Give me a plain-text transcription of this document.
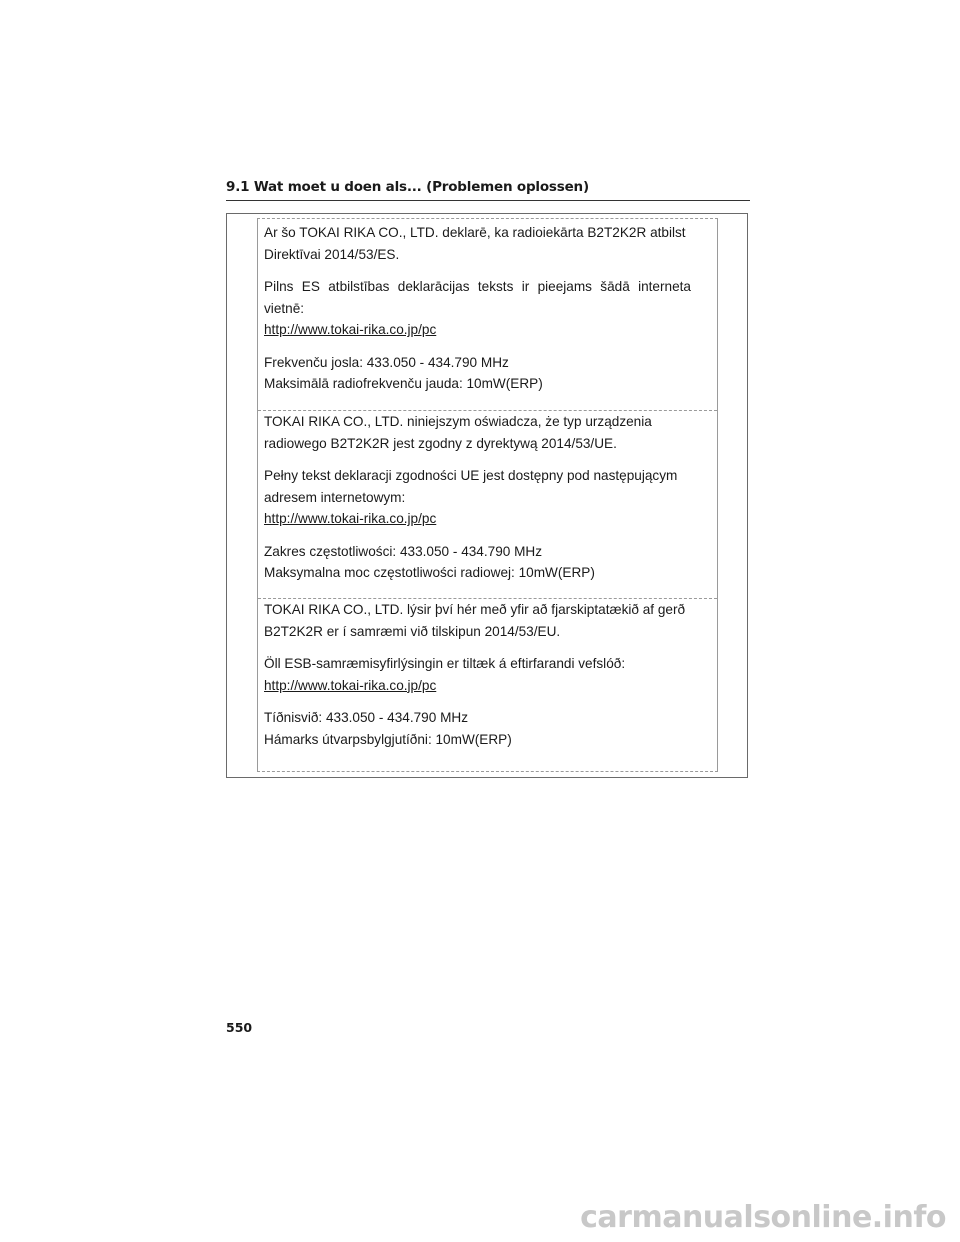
9.1 Wat moet u doen als... (Problemen oplossen)

Ar šo TOKAI RIKA CO., LTD. deklarē, ka radioiekārta B2T2K2R atbilst

Direktīvai 2014/53/ES.

Pilns ES atbilstības deklarācijas teksts ir pieejams šādā interneta

vietnē:

http://www.tokai-rika.co.jp/pc

Frekvenču josla: 433.050 - 434.790 MHz

Maksimālā radiofrekvenču jauda: 10mW(ERP)

TOKAI RIKA CO., LTD. niniejszym oświadcza, że typ urządzenia

radiowego B2T2K2R jest zgodny z dyrektywą 2014/53/UE.

Pełny tekst deklaracji zgodności UE jest dostępny pod następującym

adresem internetowym:

http://www.tokai-rika.co.jp/pc

Zakres częstotliwości: 433.050 - 434.790 MHz

Maksymalna moc częstotliwości radiowej: 10mW(ERP)

TOKAI RIKA CO., LTD. lýsir því hér með yfir að fjarskiptatækið af gerð

B2T2K2R er í samræmi við tilskipun 2014/53/EU.

Öll ESB-samræmisyfirlýsingin er tiltæk á eftirfarandi vefslóð:

http://www.tokai-rika.co.jp/pc

Tíðnisvið: 433.050 - 434.790 MHz

Hámarks útvarpsbylgjutíðni: 10mW(ERP)

550
carmanualsonline.info
